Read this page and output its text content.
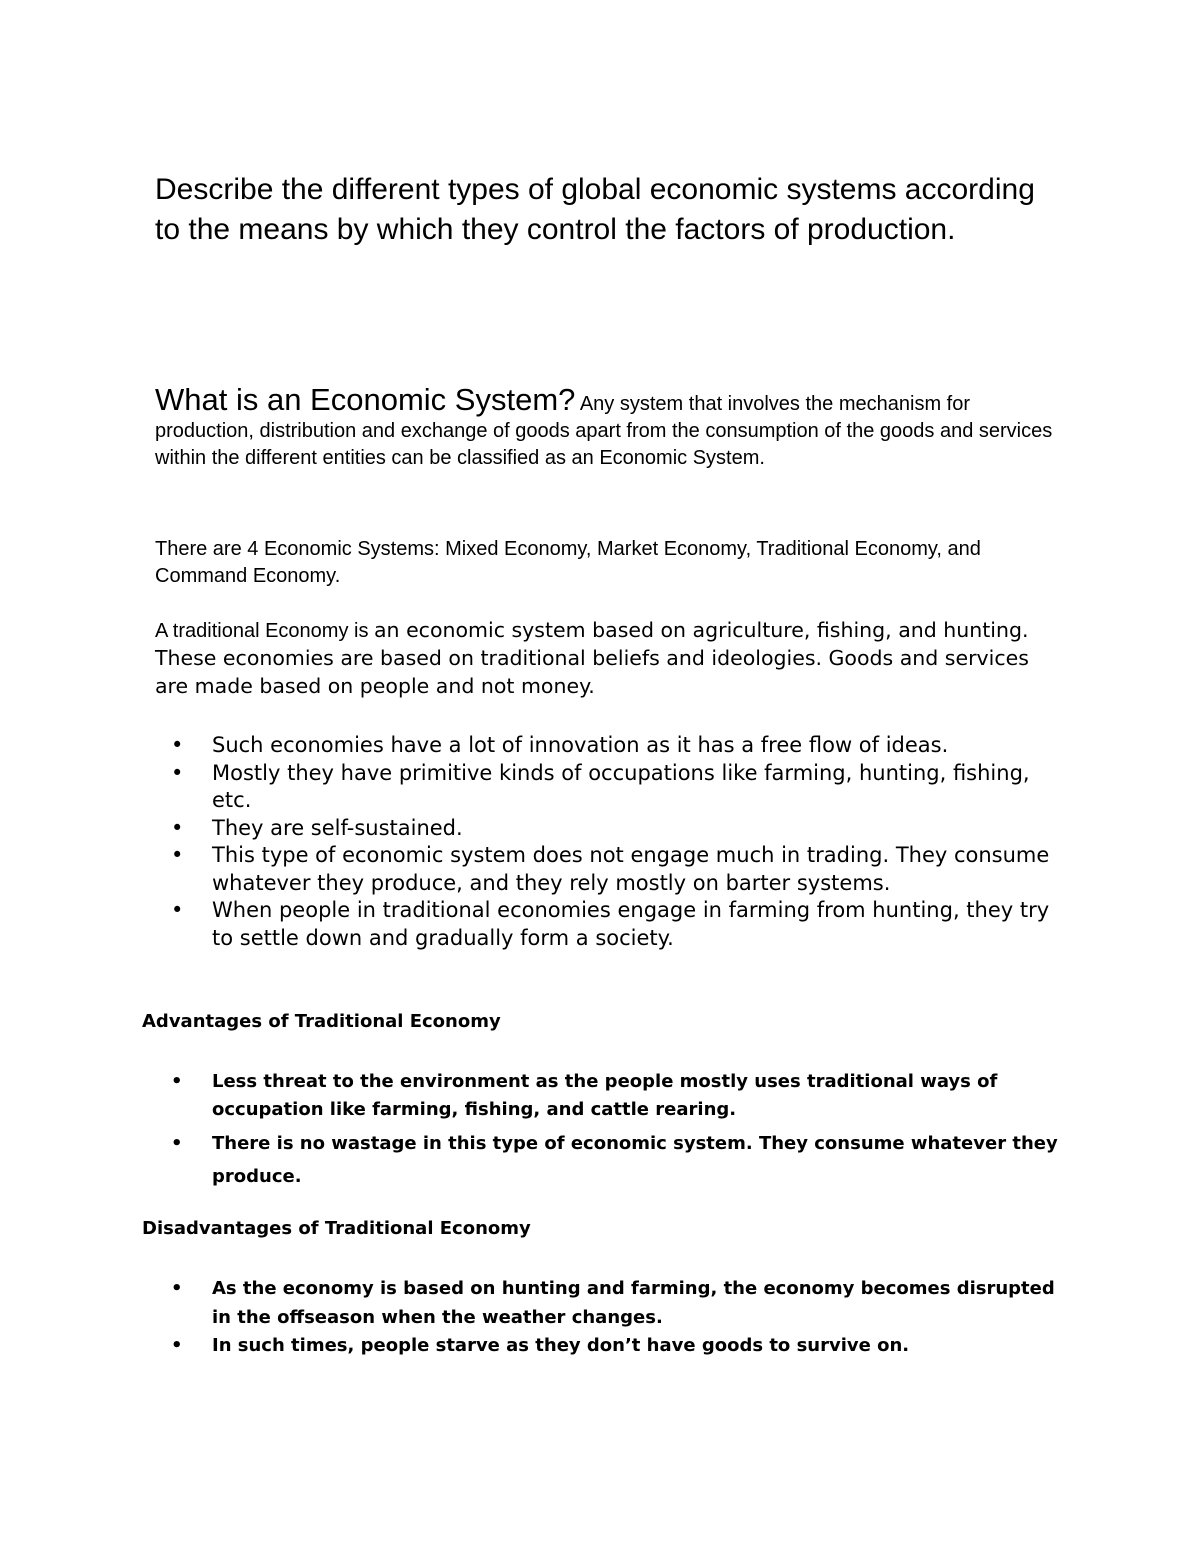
Describe the different types of global economic systems according to the means by which they control the factors of production.

What is an Economic System? Any system that involves the mechanism for production, distribution and exchange of goods apart from the consumption of the goods and services within the different entities can be classified as an Economic System.

There are 4 Economic Systems: Mixed Economy, Market Economy, Traditional Economy, and Command Economy.

A traditional Economy is an economic system based on agriculture, fishing, and hunting. These economies are based on traditional beliefs and ideologies. Goods and services are made based on people and not money.

• Such economies have a lot of innovation as it has a free flow of ideas.
• Mostly they have primitive kinds of occupations like farming, hunting, fishing, etc.
• They are self-sustained.
• This type of economic system does not engage much in trading. They consume whatever they produce, and they rely mostly on barter systems.
• When people in traditional economies engage in farming from hunting, they try to settle down and gradually form a society.
Advantages of Traditional Economy
• Less threat to the environment as the people mostly uses traditional ways of occupation like farming, fishing, and cattle rearing.
• There is no wastage in this type of economic system. They consume whatever they produce.
Disadvantages of Traditional Economy
• As the economy is based on hunting and farming, the economy becomes disrupted in the offseason when the weather changes.
• In such times, people starve as they don’t have goods to survive on.
